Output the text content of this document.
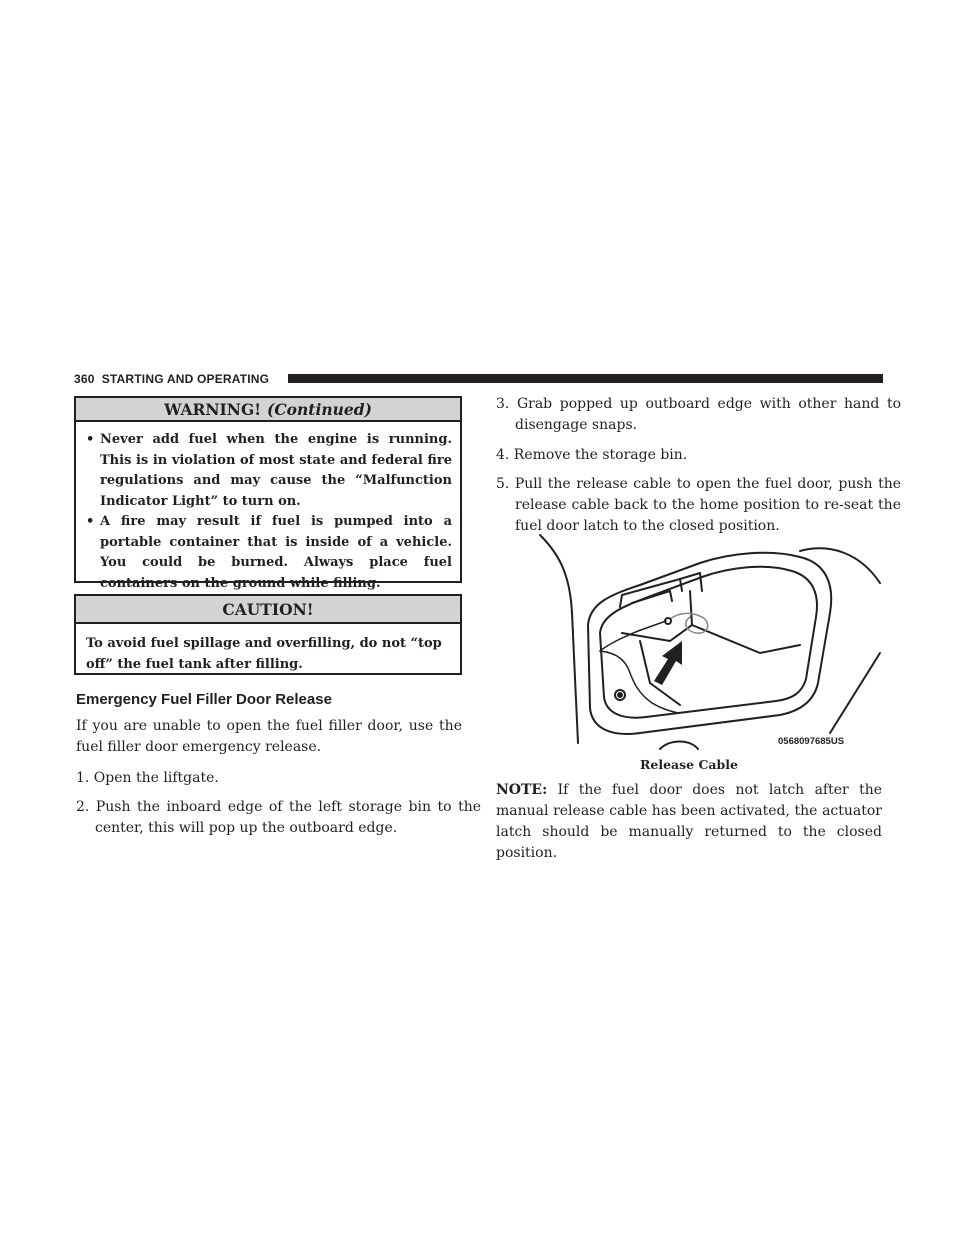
360 STARTING AND OPERATING
WARNING! (Continued)
• Never add fuel when the engine is running. This is in violation of most state and federal fire regulations and may cause the “Malfunction Indicator Light” to turn on.
• A fire may result if fuel is pumped into a portable container that is inside of a vehicle. You could be burned. Always place fuel containers on the ground while filling.
CAUTION!
To avoid fuel spillage and overfilling, do not “top off” the fuel tank after filling.
Emergency Fuel Filler Door Release
If you are unable to open the fuel filler door, use the fuel filler door emergency release.
1. Open the liftgate.
2. Push the inboard edge of the left storage bin to the center, this will pop up the outboard edge.
3. Grab popped up outboard edge with other hand to disengage snaps.
4. Remove the storage bin.
5. Pull the release cable to open the fuel door, push the release cable back to the home position to re-seat the fuel door latch to the closed position.
0568097685US
Release Cable
NOTE: If the fuel door does not latch after the manual release cable has been activated, the actuator latch should be manually returned to the closed position.
